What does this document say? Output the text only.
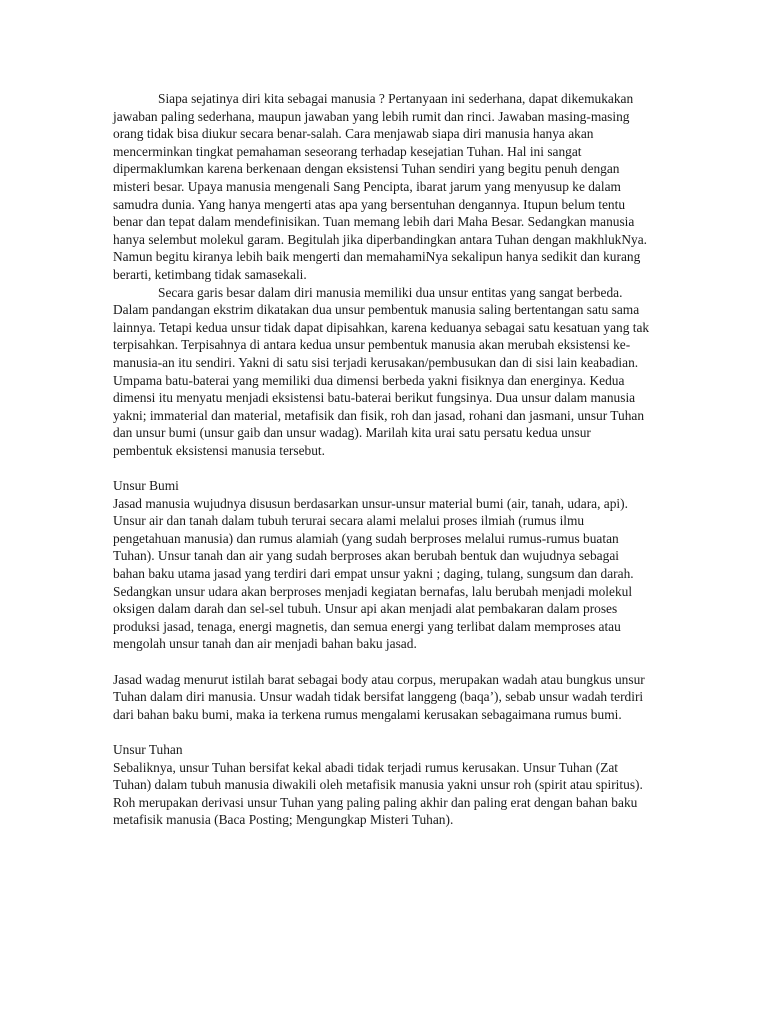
Siapa sejatinya diri kita sebagai manusia ? Pertanyaan ini sederhana, dapat dikemukakan jawaban paling sederhana, maupun jawaban yang lebih rumit dan rinci. Jawaban masing-masing orang tidak bisa diukur secara benar-salah. Cara menjawab siapa diri manusia hanya akan mencerminkan tingkat pemahaman seseorang terhadap kesejatian Tuhan. Hal ini sangat dipermaklumkan karena berkenaan dengan eksistensi Tuhan sendiri yang begitu penuh dengan misteri besar. Upaya manusia mengenali Sang Pencipta, ibarat jarum yang menyusup ke dalam samudra dunia. Yang hanya mengerti atas apa yang bersentuhan dengannya. Itupun belum tentu benar dan tepat dalam mendefinisikan. Tuan memang lebih dari Maha Besar. Sedangkan manusia hanya selembut molekul garam. Begitulah jika diperbandingkan antara Tuhan dengan makhlukNya. Namun begitu kiranya lebih baik mengerti dan memahamiNya sekalipun hanya sedikit dan kurang berarti, ketimbang tidak samasekali.

Secara garis besar dalam diri manusia memiliki dua unsur entitas yang sangat berbeda. Dalam pandangan ekstrim dikatakan dua unsur pembentuk manusia saling bertentangan satu sama lainnya. Tetapi kedua unsur tidak dapat dipisahkan, karena keduanya sebagai satu kesatuan yang tak terpisahkan. Terpisahnya di antara kedua unsur pembentuk manusia akan merubah eksistensi ke-manusia-an itu sendiri. Yakni di satu sisi terjadi kerusakan/pembusukan dan di sisi lain keabadian. Umpama batu-baterai yang memiliki dua dimensi berbeda yakni fisiknya dan energinya. Kedua dimensi itu menyatu menjadi eksistensi batu-baterai berikut fungsinya. Dua unsur dalam manusia yakni; immaterial dan material, metafisik dan fisik, roh dan jasad, rohani dan jasmani, unsur Tuhan dan unsur bumi (unsur gaib dan unsur wadag). Marilah kita urai satu persatu kedua unsur pembentuk eksistensi manusia tersebut.

Unsur Bumi

Jasad manusia wujudnya disusun berdasarkan unsur-unsur material bumi (air, tanah, udara, api). Unsur air dan tanah dalam tubuh terurai secara alami melalui proses ilmiah (rumus ilmu pengetahuan manusia) dan rumus alamiah (yang sudah berproses melalui rumus-rumus buatan Tuhan). Unsur tanah dan air yang sudah berproses akan berubah bentuk dan wujudnya sebagai bahan baku utama jasad yang terdiri dari empat unsur yakni ; daging, tulang, sungsum dan darah. Sedangkan unsur udara akan berproses menjadi kegiatan bernafas, lalu berubah menjadi molekul oksigen dalam darah dan sel-sel tubuh. Unsur api akan menjadi alat pembakaran dalam proses produksi jasad, tenaga, energi magnetis, dan semua energi yang terlibat dalam memproses atau mengolah unsur tanah dan air menjadi bahan baku jasad.

Jasad wadag menurut istilah barat sebagai body atau corpus, merupakan wadah atau bungkus unsur Tuhan dalam diri manusia. Unsur wadah tidak bersifat langgeng (baqa’), sebab unsur wadah terdiri dari bahan baku bumi, maka ia terkena rumus mengalami kerusakan sebagaimana rumus bumi.

Unsur Tuhan

Sebaliknya, unsur Tuhan bersifat kekal abadi tidak terjadi rumus kerusakan. Unsur Tuhan (Zat Tuhan) dalam tubuh manusia diwakili oleh metafisik manusia yakni unsur roh (spirit atau spiritus). Roh merupakan derivasi unsur Tuhan yang paling paling akhir dan paling erat dengan bahan baku metafisik manusia (Baca Posting; Mengungkap Misteri Tuhan).
